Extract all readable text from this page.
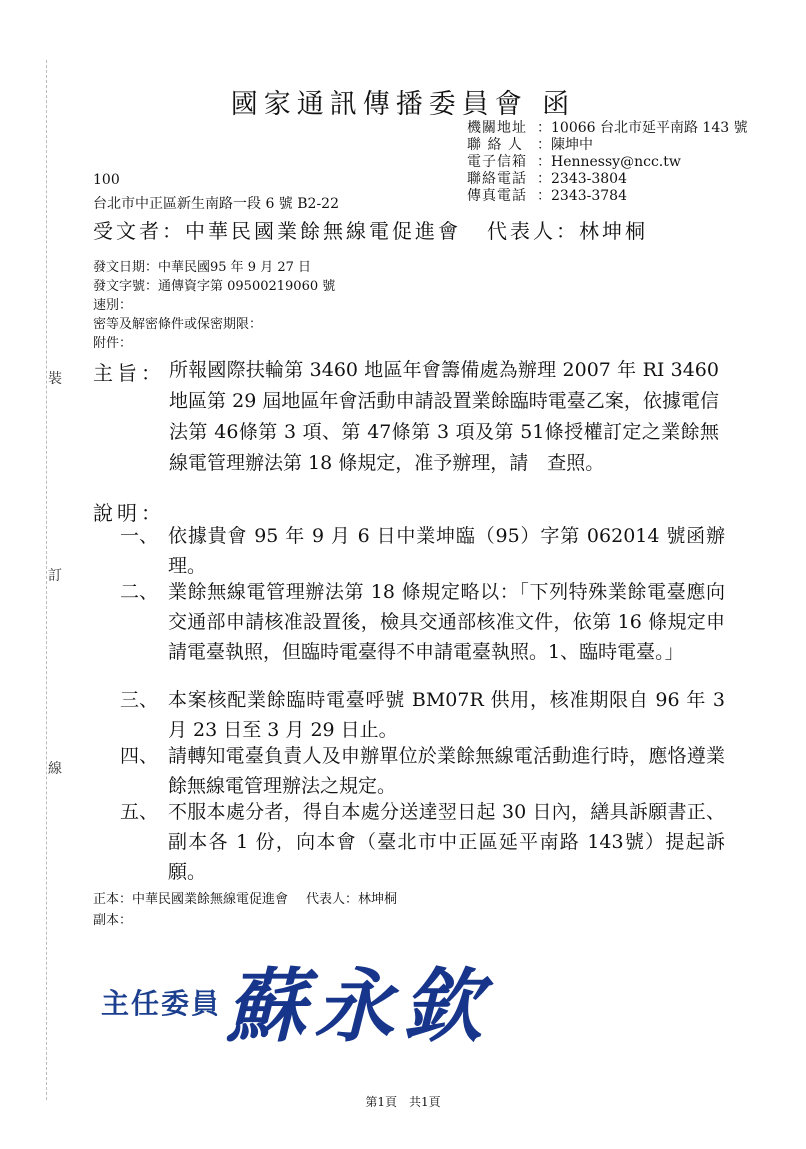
裝
訂
線
國家通訊傳播委員會 函
機關地址 ：10066 台北市延平南路 143 號
聯 絡 人	：陳坤中
電子信箱 ：Hennessy@ncc.tw
聯絡電話 ：2343-3804
傳真電話 ：2343-3784
100
台北市中正區新生南路一段 6 號 B2-22
受文者：中華民國業餘無線電促進會 代表人：林坤桐
發文日期：中華民國95 年 9 月 27 日
發文字號：通傳資字第 09500219060 號
速別：
密等及解密條件或保密期限：
附件：
主旨： 所報國際扶輪第 3460 地區年會籌備處為辦理 2007 年 RI 3460 地區第 29 屆地區年會活動申請設置業餘臨時電臺乙案，依據電信法第 46條第 3 項、第 47條第 3 項及第 51條授權訂定之業餘無線電管理辦法第 18 條規定，准予辦理，請　查照。
說明：
一、 依據貴會 95 年 9 月 6 日中業坤臨（95）字第 062014 號函辦理。
二、 業餘無線電管理辦法第 18 條規定略以：「下列特殊業餘電臺應向交通部申請核准設置後，檢具交通部核准文件，依第 16 條規定申請電臺執照，但臨時電臺得不申請電臺執照。1、臨時電臺。」
三、 本案核配業餘臨時電臺呼號 BM07R 供用，核准期限自 96 年 3 月 23 日至 3 月 29 日止。
四、 請轉知電臺負責人及申辦單位於業餘無線電活動進行時，應恪遵業餘無線電管理辦法之規定。
五、 不服本處分者，得自本處分送達翌日起 30 日內，繕具訴願書正、副本各 1 份，向本會（臺北市中正區延平南路 143號）提起訴願。
正本：中華民國業餘無線電促進會 代表人：林坤桐
副本：
主任委員 蘇永欽
第1頁　共1頁
